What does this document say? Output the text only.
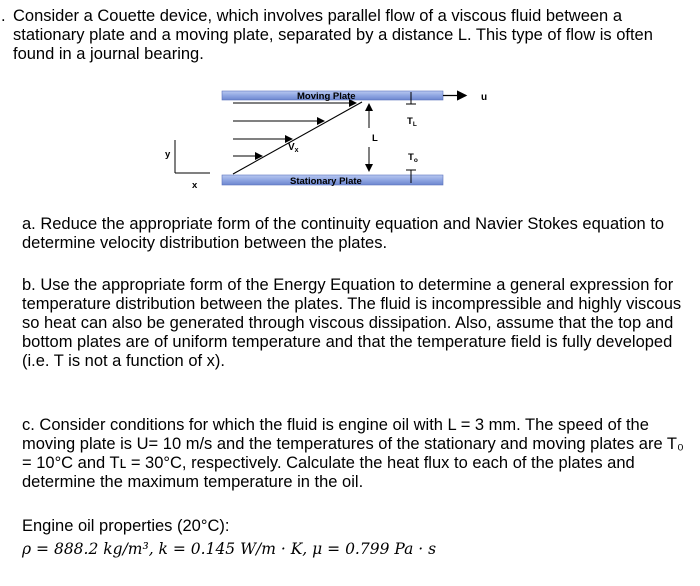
. Consider a Couette device, which involves parallel flow of a viscous fluid between a stationary plate and a moving plate, separated by a distance L. This type of flow is often found in a journal bearing.
Moving Plate
Stationary Plate
u
$V_x$
L
$T_L$
$T_o$
y
x
a. Reduce the appropriate form of the continuity equation and Navier Stokes equation to determine velocity distribution between the plates.
b. Use the appropriate form of the Energy Equation to determine a general expression for temperature distribution between the plates. The fluid is incompressible and highly viscous so heat can also be generated through viscous dissipation. Also, assume that the top and bottom plates are of uniform temperature and that the temperature field is fully developed (i.e. T is not a function of x).
c. Consider conditions for which the fluid is engine oil with L = 3 mm. The speed of the moving plate is U= 10 m/s and the temperatures of the stationary and moving plates are T₀ = 10°C and Tʟ = 30°C, respectively. Calculate the heat flux to each of the plates and determine the maximum temperature in the oil.
Engine oil properties (20°C):
ρ = 888.2 kg/m³, k = 0.145 W/m · K, μ = 0.799 Pa · s
